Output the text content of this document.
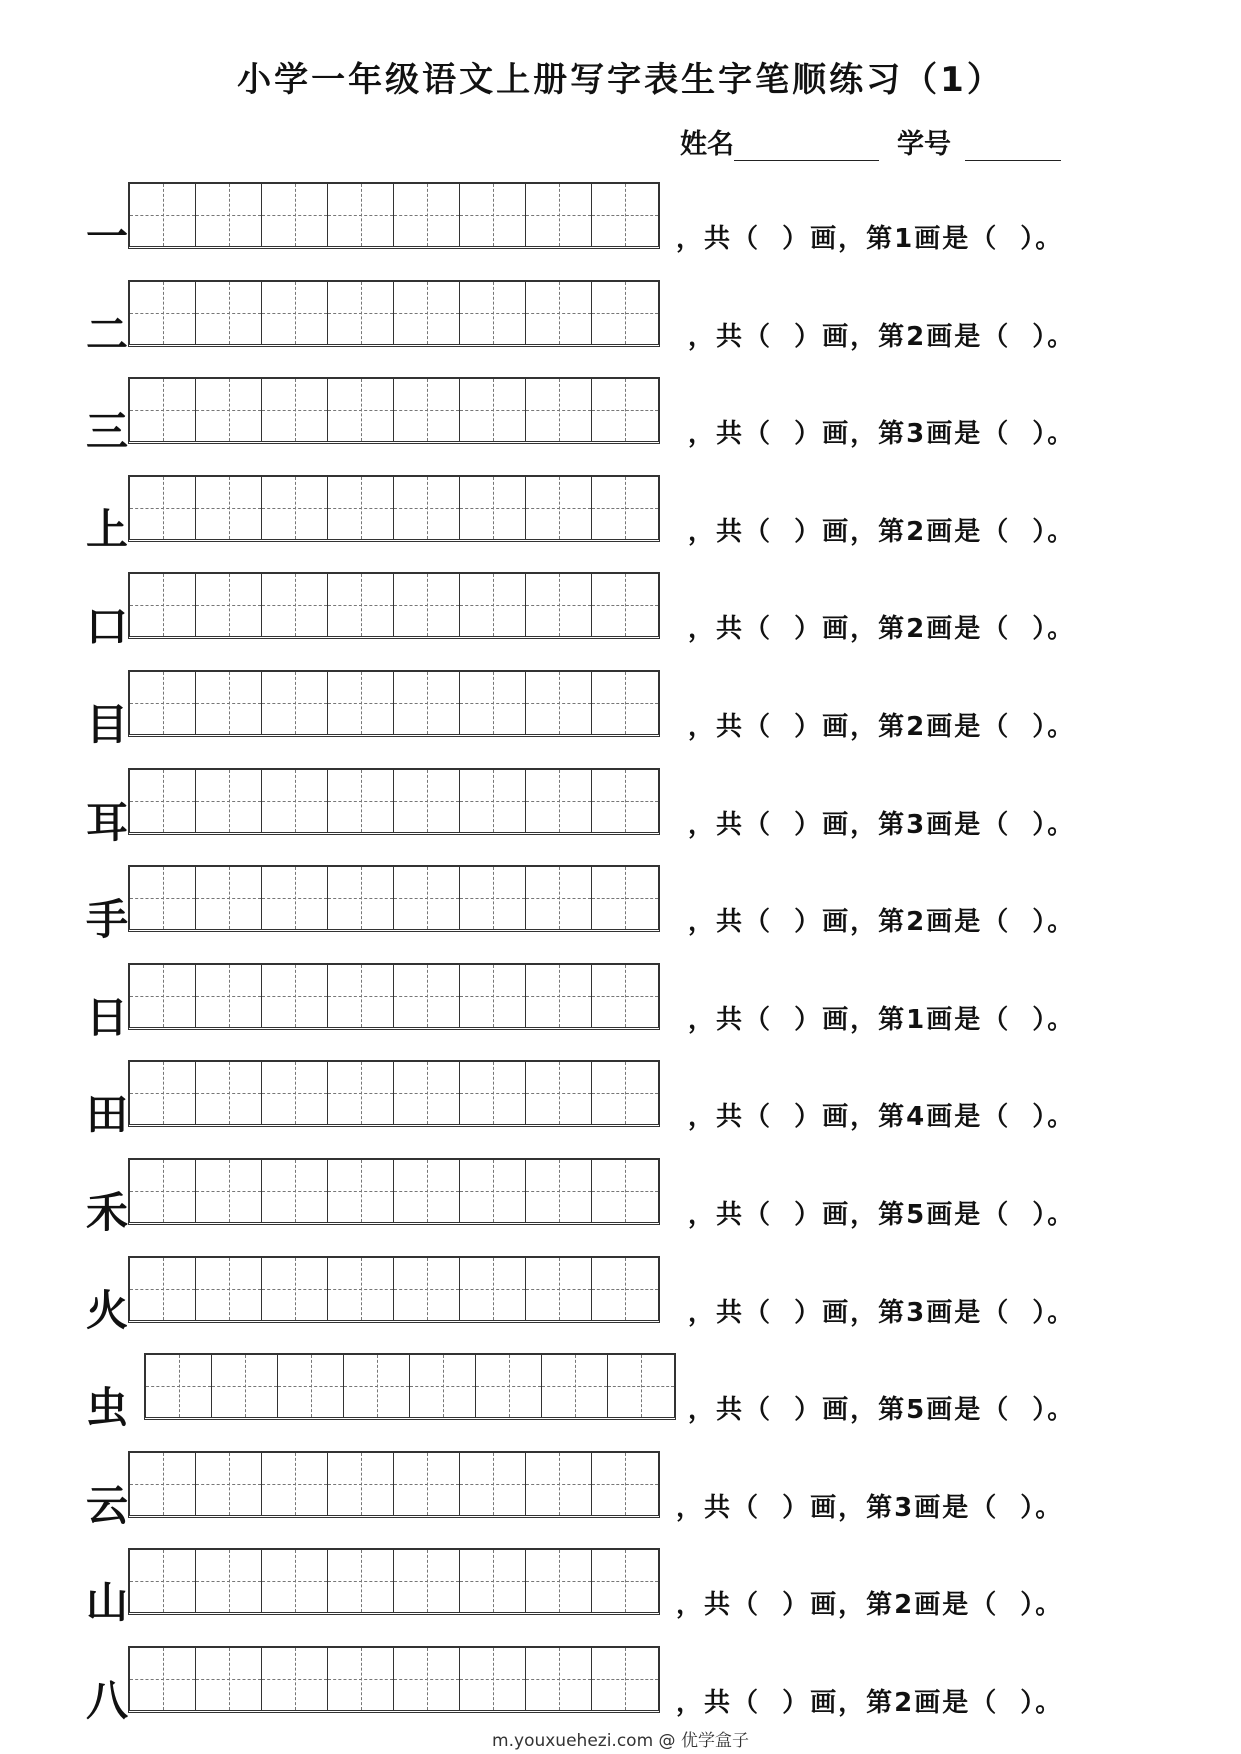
小学一年级语文上册写字表生字笔顺练习（1）
姓名	学号
一	，共（  ）画，第1画是（  ）。
二	，共（  ）画，第2画是（  ）。
三	，共（  ）画，第3画是（  ）。
上	，共（  ）画，第2画是（  ）。
口	，共（  ）画，第2画是（  ）。
目	，共（  ）画，第2画是（  ）。
耳	，共（  ）画，第3画是（  ）。
手	，共（  ）画，第2画是（  ）。
日	，共（  ）画，第1画是（  ）。
田	，共（  ）画，第4画是（  ）。
禾	，共（  ）画，第5画是（  ）。
火	，共（  ）画，第3画是（  ）。
虫	，共（  ）画，第5画是（  ）。
云	，共（  ）画，第3画是（  ）。
山	，共（  ）画，第2画是（  ）。
八	，共（  ）画，第2画是（  ）。
m.youxuehezi.com @ 优学盒子
